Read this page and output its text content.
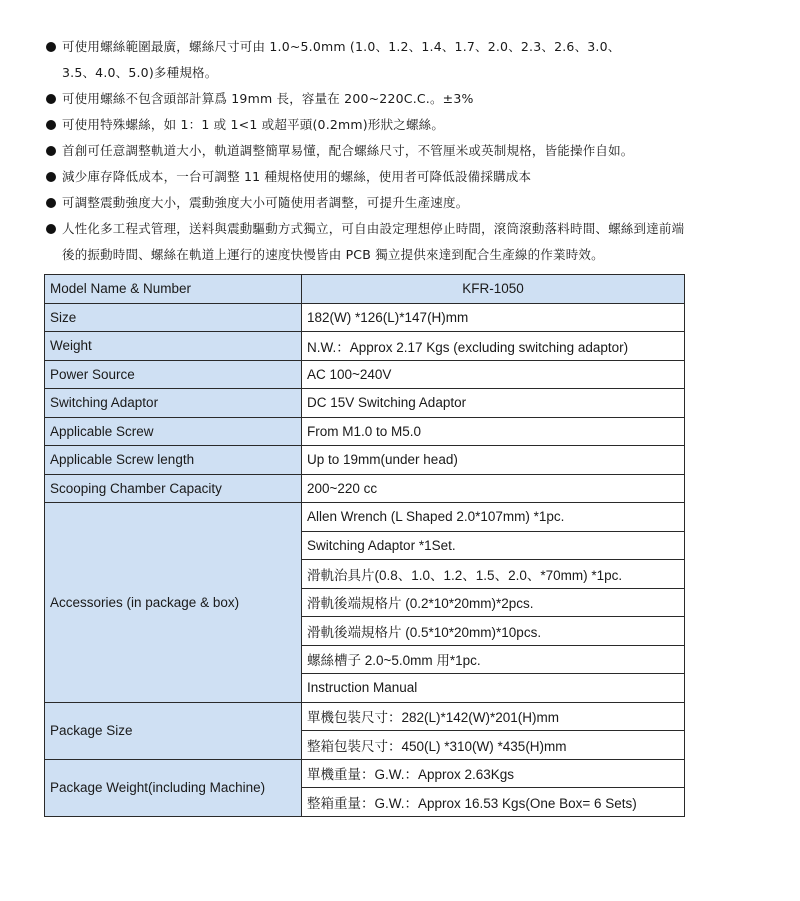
可使用螺絲範圍最廣，螺絲尺寸可由 1.0~5.0mm (1.0、1.2、1.4、1.7、2.0、2.3、2.6、3.0、
3.5、4.0、5.0)多種規格。
可使用螺絲不包含頭部計算爲 19mm 長，容量在 200~220C.C.。±3%
可使用特殊螺絲，如 1：1 或 1<1 或超平頭(0.2mm)形狀之螺絲。
首創可任意調整軌道大小，軌道調整簡單易懂，配合螺絲尺寸，不管厘米或英制規格，皆能操作自如。
減少庫存降低成本，一台可調整 11 種規格使用的螺絲，使用者可降低設備採購成本
可調整震動強度大小，震動強度大小可隨使用者調整，可提升生產速度。
人性化多工程式管理，送料與震動驅動方式獨立，可自由設定理想停止時間，滾筒滾動落料時間、螺絲到達前端
後的振動時間、螺絲在軌道上運行的速度快慢皆由 PCB 獨立提供來達到配合生產線的作業時效。
Model Name & Number	KFR-1050
Size	182(W) *126(L)*147(H)mm
Weight	N.W.：Approx 2.17 Kgs (excluding switching adaptor)
Power Source	AC 100~240V
Switching Adaptor	DC 15V Switching Adaptor
Applicable Screw	From M1.0 to M5.0
Applicable Screw length	Up to 19mm(under head)
Scooping Chamber Capacity	200~220 cc
Accessories (in package & box)	Allen Wrench (L Shaped 2.0*107mm) *1pc.
	Switching Adaptor *1Set.
	滑軌治具片(0.8、1.0、1.2、1.5、2.0、*70mm) *1pc.
	滑軌後端規格片 (0.2*10*20mm)*2pcs.
	滑軌後端規格片 (0.5*10*20mm)*10pcs.
	螺絲槽子 2.0~5.0mm 用*1pc.
	Instruction Manual
Package Size	單機包裝尺寸：282(L)*142(W)*201(H)mm
	整箱包裝尺寸：450(L) *310(W) *435(H)mm
Package Weight(including Machine)	單機重量：G.W.：Approx 2.63Kgs
	整箱重量：G.W.：Approx 16.53 Kgs(One Box= 6 Sets)
